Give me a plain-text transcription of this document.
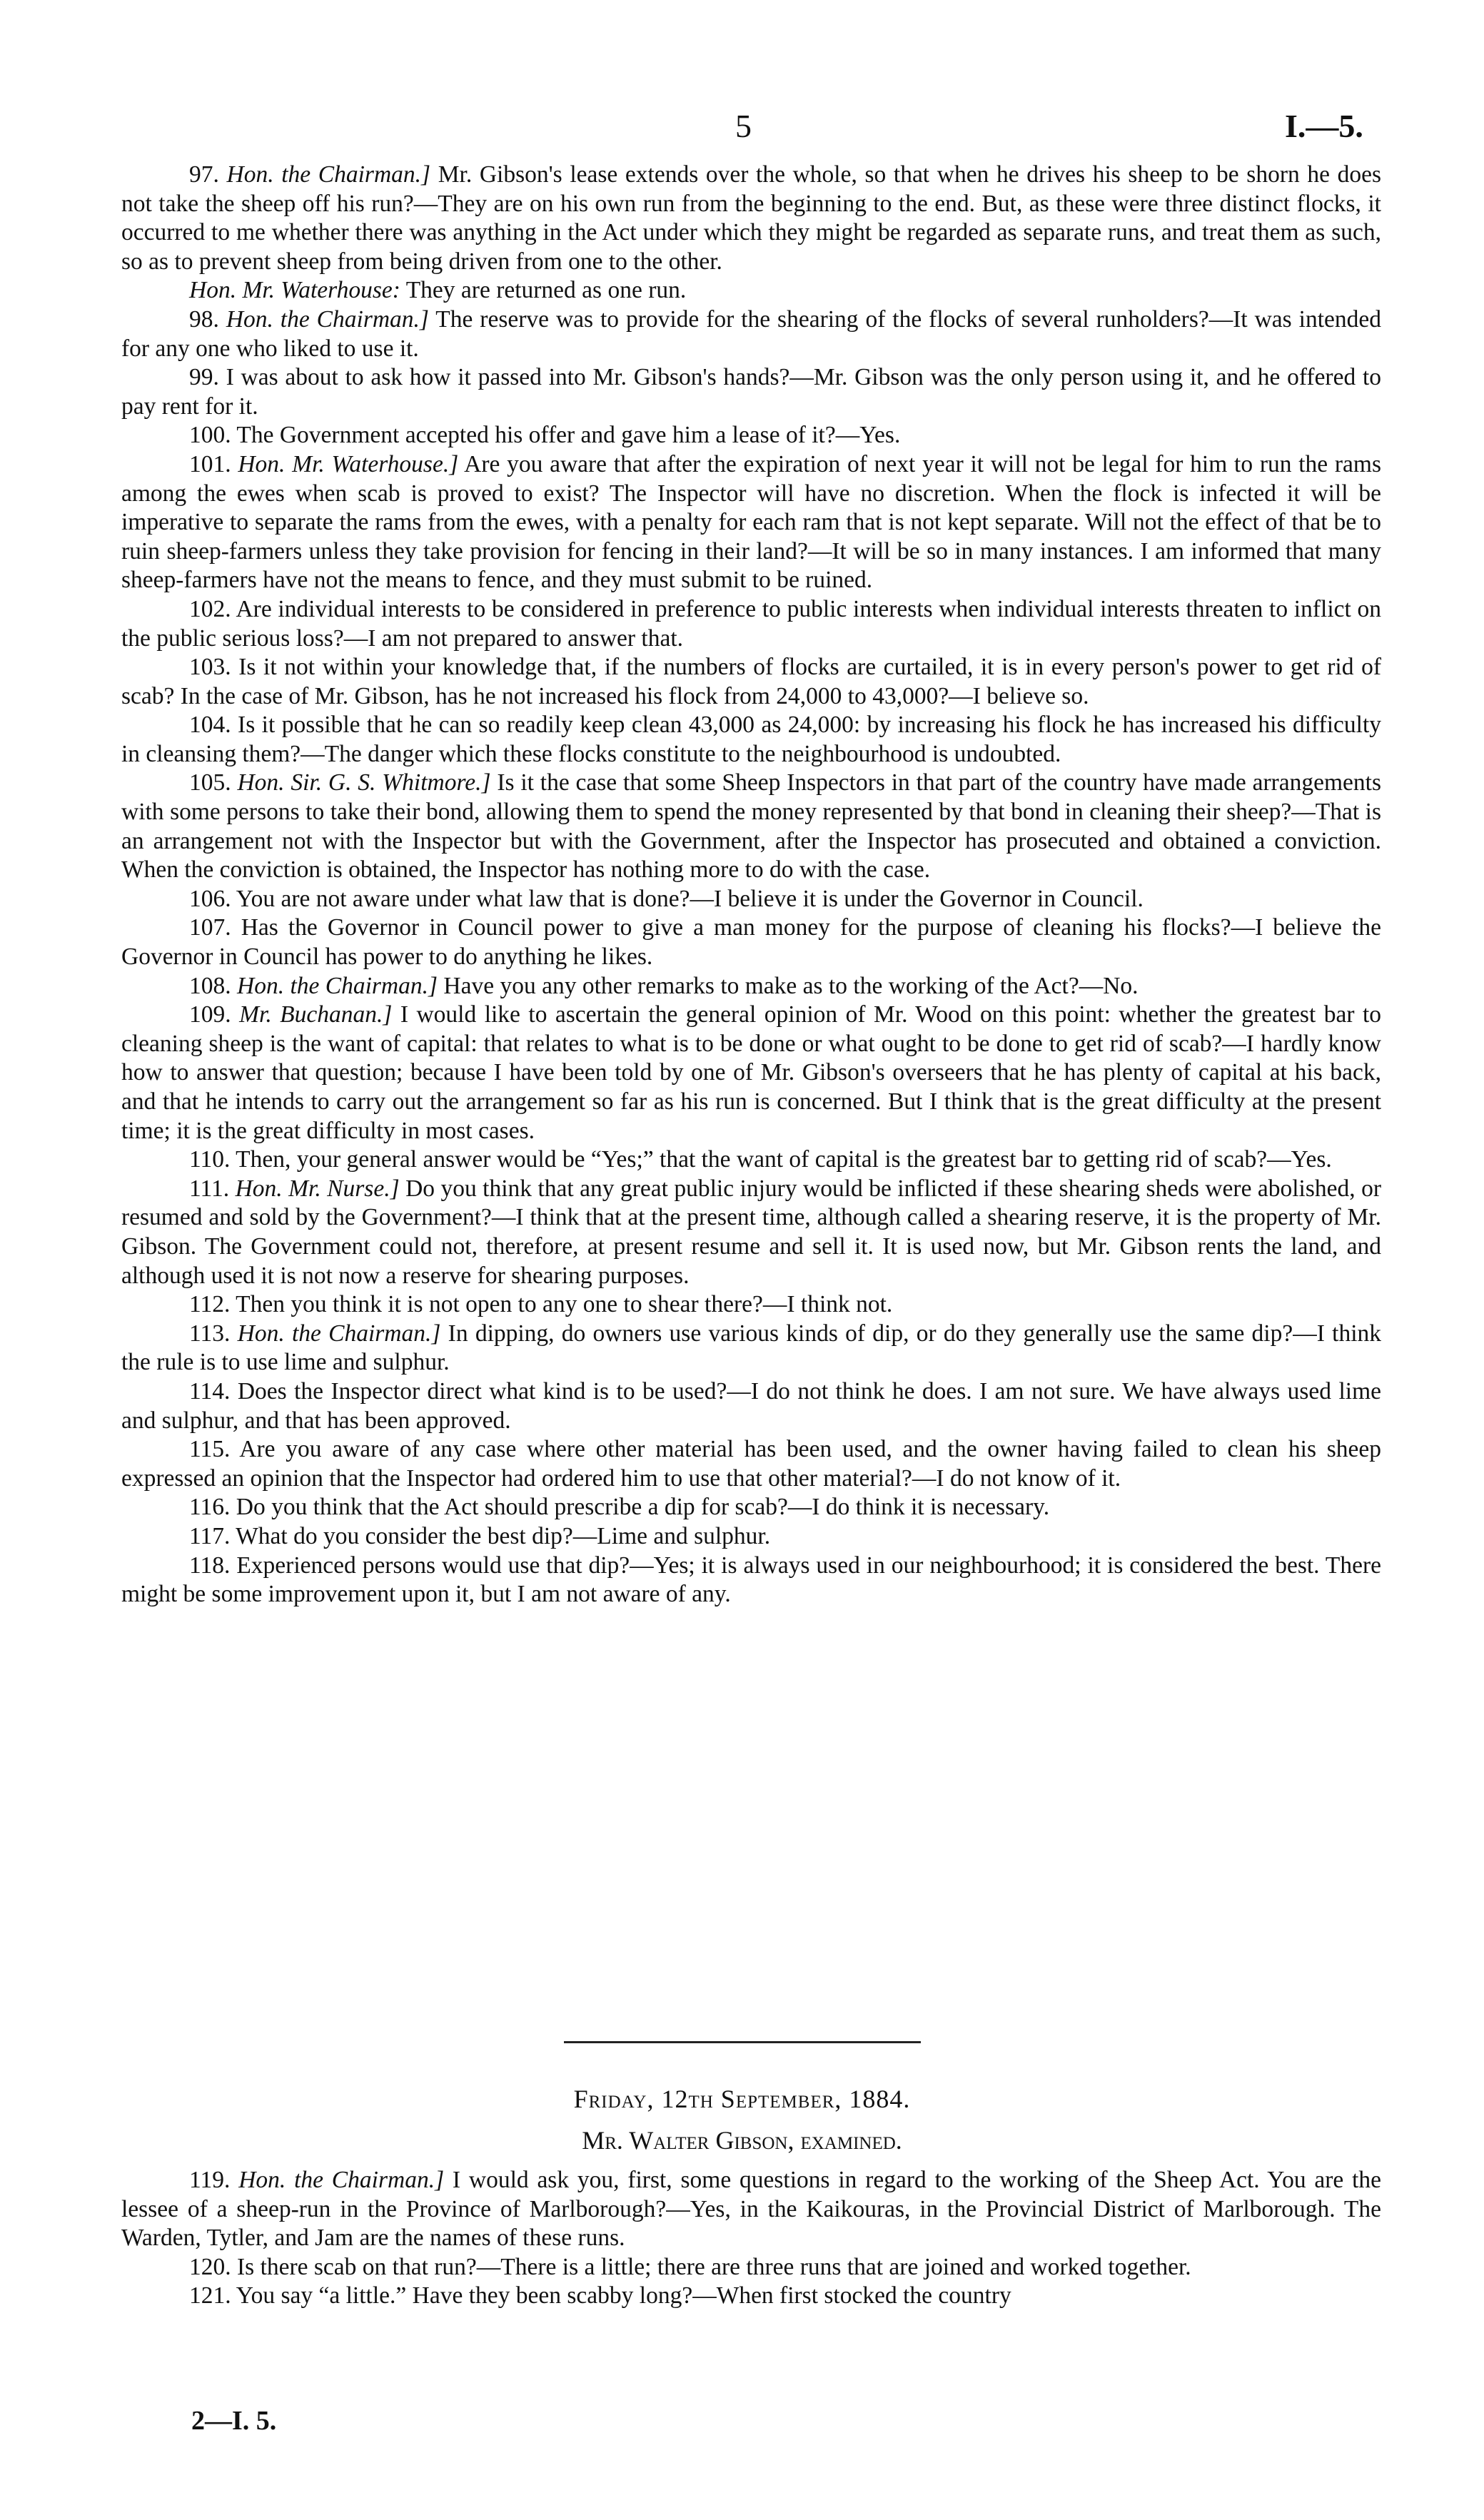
5	I.—5.

97. Hon. the Chairman.] Mr. Gibson's lease extends over the whole, so that when he drives his sheep to be shorn he does not take the sheep off his run?—They are on his own run from the beginning to the end. But, as these were three distinct flocks, it occurred to me whether there was anything in the Act under which they might be regarded as separate runs, and treat them as such, so as to prevent sheep from being driven from one to the other.

Hon. Mr. Waterhouse: They are returned as one run.

98. Hon. the Chairman.] The reserve was to provide for the shearing of the flocks of several runholders?—It was intended for any one who liked to use it.

99. I was about to ask how it passed into Mr. Gibson's hands?—Mr. Gibson was the only person using it, and he offered to pay rent for it.

100. The Government accepted his offer and gave him a lease of it?—Yes.

101. Hon. Mr. Waterhouse.] Are you aware that after the expiration of next year it will not be legal for him to run the rams among the ewes when scab is proved to exist? The Inspector will have no discretion. When the flock is infected it will be imperative to separate the rams from the ewes, with a penalty for each ram that is not kept separate. Will not the effect of that be to ruin sheep-farmers unless they take provision for fencing in their land?—It will be so in many instances. I am informed that many sheep-farmers have not the means to fence, and they must submit to be ruined.

102. Are individual interests to be considered in preference to public interests when individual interests threaten to inflict on the public serious loss?—I am not prepared to answer that.

103. Is it not within your knowledge that, if the numbers of flocks are curtailed, it is in every person's power to get rid of scab? In the case of Mr. Gibson, has he not increased his flock from 24,000 to 43,000?—I believe so.

104. Is it possible that he can so readily keep clean 43,000 as 24,000: by increasing his flock he has increased his difficulty in cleansing them?—The danger which these flocks constitute to the neighbourhood is undoubted.

105. Hon. Sir. G. S. Whitmore.] Is it the case that some Sheep Inspectors in that part of the country have made arrangements with some persons to take their bond, allowing them to spend the money represented by that bond in cleaning their sheep?—That is an arrangement not with the Inspector but with the Government, after the Inspector has prosecuted and obtained a conviction. When the conviction is obtained, the Inspector has nothing more to do with the case.

106. You are not aware under what law that is done?—I believe it is under the Governor in Council.

107. Has the Governor in Council power to give a man money for the purpose of cleaning his flocks?—I believe the Governor in Council has power to do anything he likes.

108. Hon. the Chairman.] Have you any other remarks to make as to the working of the Act?—No.

109. Mr. Buchanan.] I would like to ascertain the general opinion of Mr. Wood on this point: whether the greatest bar to cleaning sheep is the want of capital: that relates to what is to be done or what ought to be done to get rid of scab?—I hardly know how to answer that question; because I have been told by one of Mr. Gibson's overseers that he has plenty of capital at his back, and that he intends to carry out the arrangement so far as his run is concerned. But I think that is the great difficulty at the present time; it is the great difficulty in most cases.

110. Then, your general answer would be “Yes;” that the want of capital is the greatest bar to getting rid of scab?—Yes.

111. Hon. Mr. Nurse.] Do you think that any great public injury would be inflicted if these shearing sheds were abolished, or resumed and sold by the Government?—I think that at the present time, although called a shearing reserve, it is the property of Mr. Gibson. The Government could not, therefore, at present resume and sell it. It is used now, but Mr. Gibson rents the land, and although used it is not now a reserve for shearing purposes.

112. Then you think it is not open to any one to shear there?—I think not.

113. Hon. the Chairman.] In dipping, do owners use various kinds of dip, or do they generally use the same dip?—I think the rule is to use lime and sulphur.

114. Does the Inspector direct what kind is to be used?—I do not think he does. I am not sure. We have always used lime and sulphur, and that has been approved.

115. Are you aware of any case where other material has been used, and the owner having failed to clean his sheep expressed an opinion that the Inspector had ordered him to use that other material?—I do not know of it.

116. Do you think that the Act should prescribe a dip for scab?—I do think it is necessary.

117. What do you consider the best dip?—Lime and sulphur.

118. Experienced persons would use that dip?—Yes; it is always used in our neighbourhood; it is considered the best. There might be some improvement upon it, but I am not aware of any.

Friday, 12th September, 1884.
Mr. Walter Gibson, examined.

119. Hon. the Chairman.] I would ask you, first, some questions in regard to the working of the Sheep Act. You are the lessee of a sheep-run in the Province of Marlborough?—Yes, in the Kaikouras, in the Provincial District of Marlborough. The Warden, Tytler, and Jam are the names of these runs.

120. Is there scab on that run?—There is a little; there are three runs that are joined and worked together.

121. You say “a little.” Have they been scabby long?—When first stocked the country

2—I. 5.
